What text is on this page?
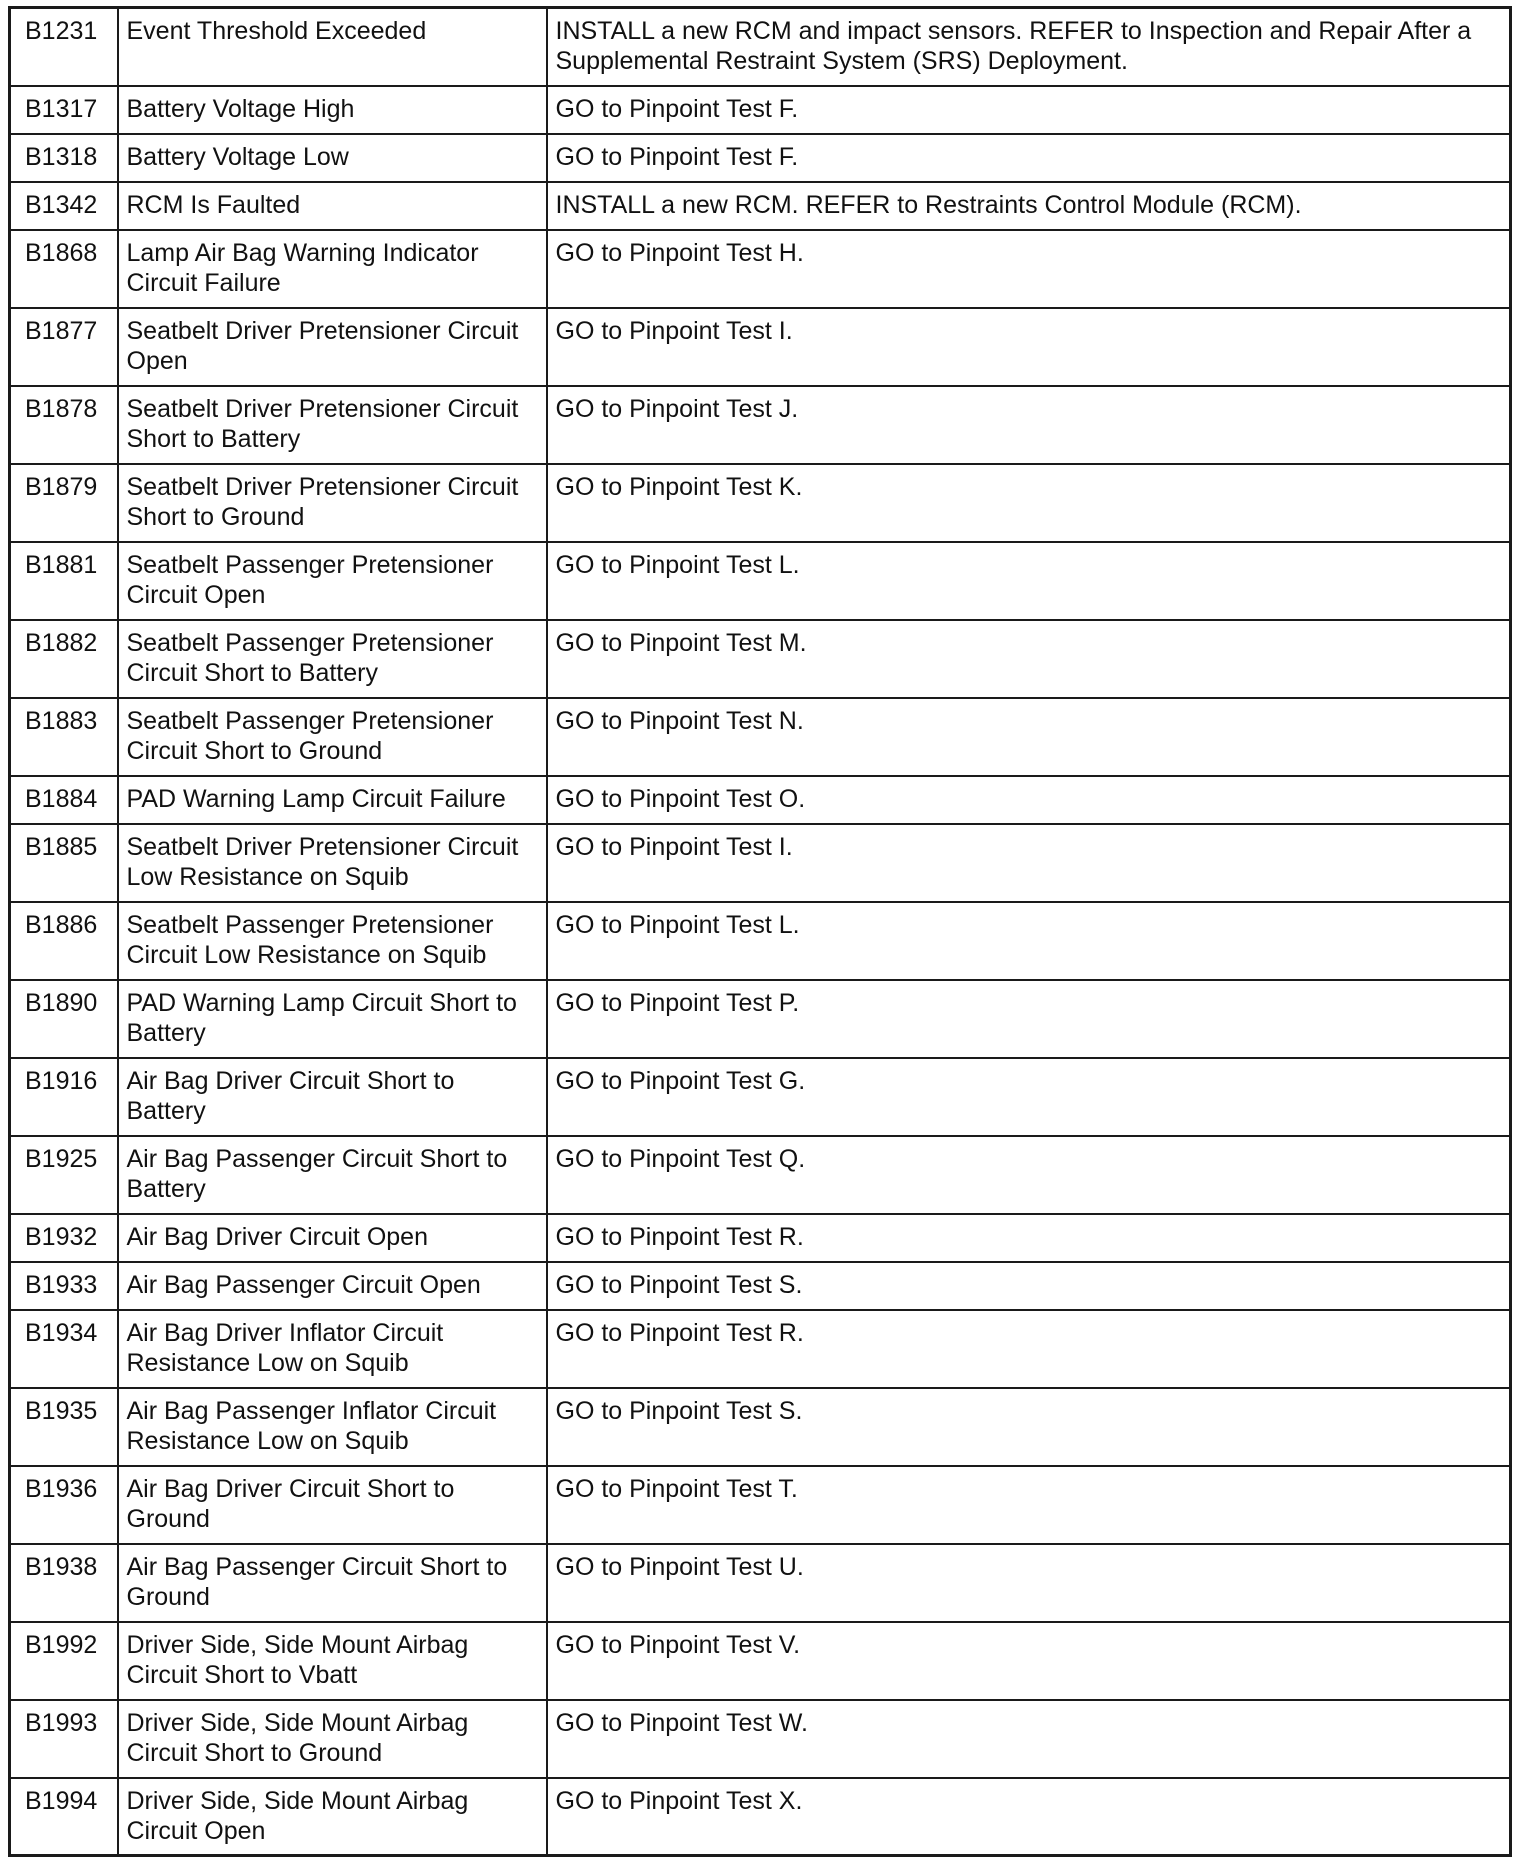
B1231	Event Threshold Exceeded	INSTALL a new RCM and impact sensors. REFER to Inspection and Repair After a Supplemental Restraint System (SRS) Deployment.
B1317	Battery Voltage High	GO to Pinpoint Test F.
B1318	Battery Voltage Low	GO to Pinpoint Test F.
B1342	RCM Is Faulted	INSTALL a new RCM. REFER to Restraints Control Module (RCM).
B1868	Lamp Air Bag Warning Indicator Circuit Failure	GO to Pinpoint Test H.
B1877	Seatbelt Driver Pretensioner Circuit Open	GO to Pinpoint Test I.
B1878	Seatbelt Driver Pretensioner Circuit Short to Battery	GO to Pinpoint Test J.
B1879	Seatbelt Driver Pretensioner Circuit Short to Ground	GO to Pinpoint Test K.
B1881	Seatbelt Passenger Pretensioner Circuit Open	GO to Pinpoint Test L.
B1882	Seatbelt Passenger Pretensioner Circuit Short to Battery	GO to Pinpoint Test M.
B1883	Seatbelt Passenger Pretensioner Circuit Short to Ground	GO to Pinpoint Test N.
B1884	PAD Warning Lamp Circuit Failure	GO to Pinpoint Test O.
B1885	Seatbelt Driver Pretensioner Circuit Low Resistance on Squib	GO to Pinpoint Test I.
B1886	Seatbelt Passenger Pretensioner Circuit Low Resistance on Squib	GO to Pinpoint Test L.
B1890	PAD Warning Lamp Circuit Short to Battery	GO to Pinpoint Test P.
B1916	Air Bag Driver Circuit Short to Battery	GO to Pinpoint Test G.
B1925	Air Bag Passenger Circuit Short to Battery	GO to Pinpoint Test Q.
B1932	Air Bag Driver Circuit Open	GO to Pinpoint Test R.
B1933	Air Bag Passenger Circuit Open	GO to Pinpoint Test S.
B1934	Air Bag Driver Inflator Circuit Resistance Low on Squib	GO to Pinpoint Test R.
B1935	Air Bag Passenger Inflator Circuit Resistance Low on Squib	GO to Pinpoint Test S.
B1936	Air Bag Driver Circuit Short to Ground	GO to Pinpoint Test T.
B1938	Air Bag Passenger Circuit Short to Ground	GO to Pinpoint Test U.
B1992	Driver Side, Side Mount Airbag Circuit Short to Vbatt	GO to Pinpoint Test V.
B1993	Driver Side, Side Mount Airbag Circuit Short to Ground	GO to Pinpoint Test W.
B1994	Driver Side, Side Mount Airbag Circuit Open	GO to Pinpoint Test X.
